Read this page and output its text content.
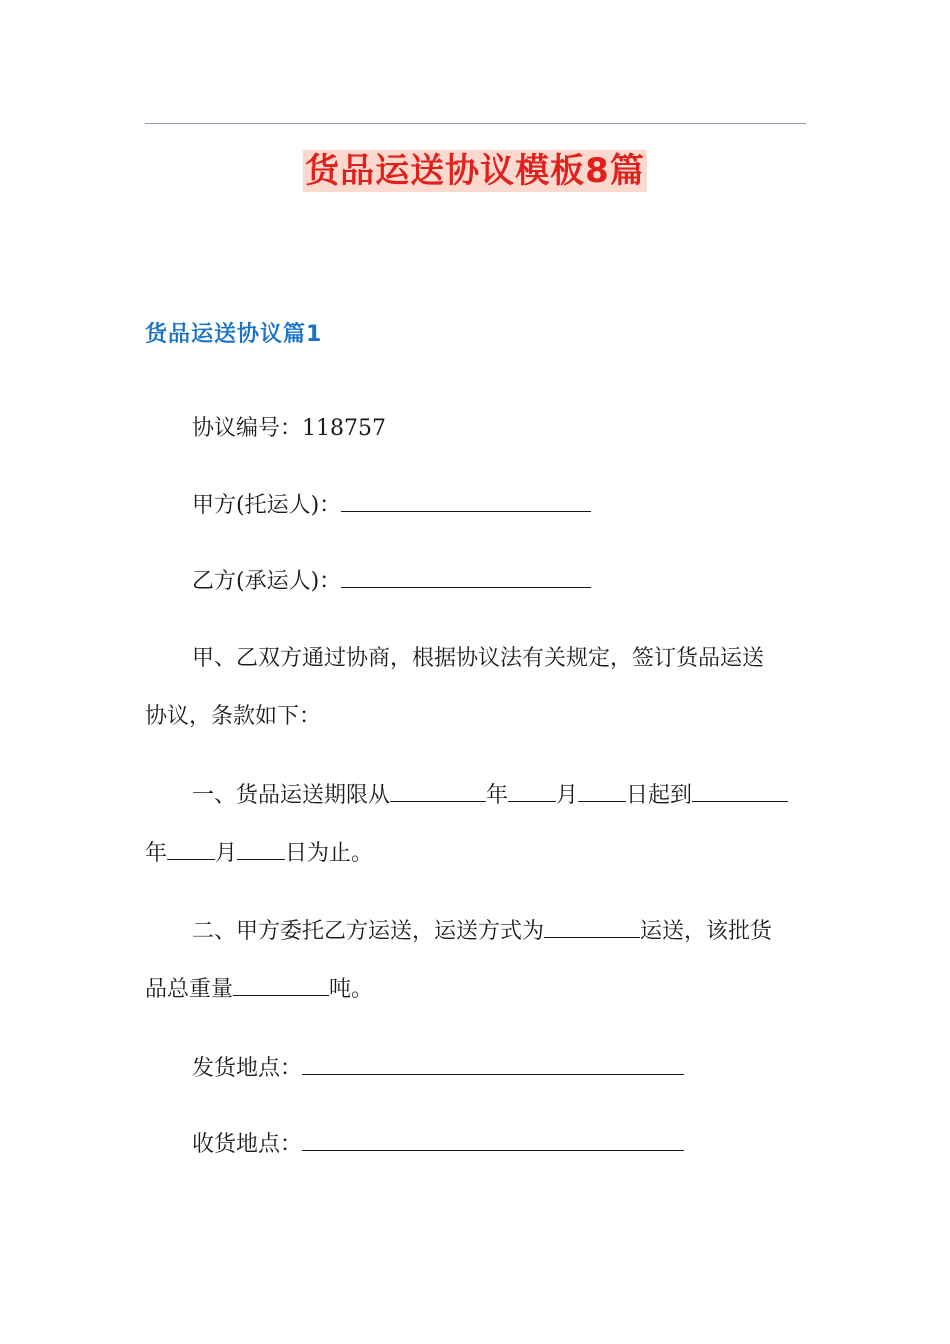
货品运送协议模板8篇
货品运送协议篇1

协议编号：118757

甲方(托运人)：

乙方(承运人)：

甲、乙双方通过协商，根据协议法有关规定，签订货品运送
协议，条款如下：
一、货品运送期限从	年 月 日起到
年 月 日为止。
二、甲方委托乙方运送，运送方式为	运送，该批货
品总重量	吨。

发货地点：

收货地点：
